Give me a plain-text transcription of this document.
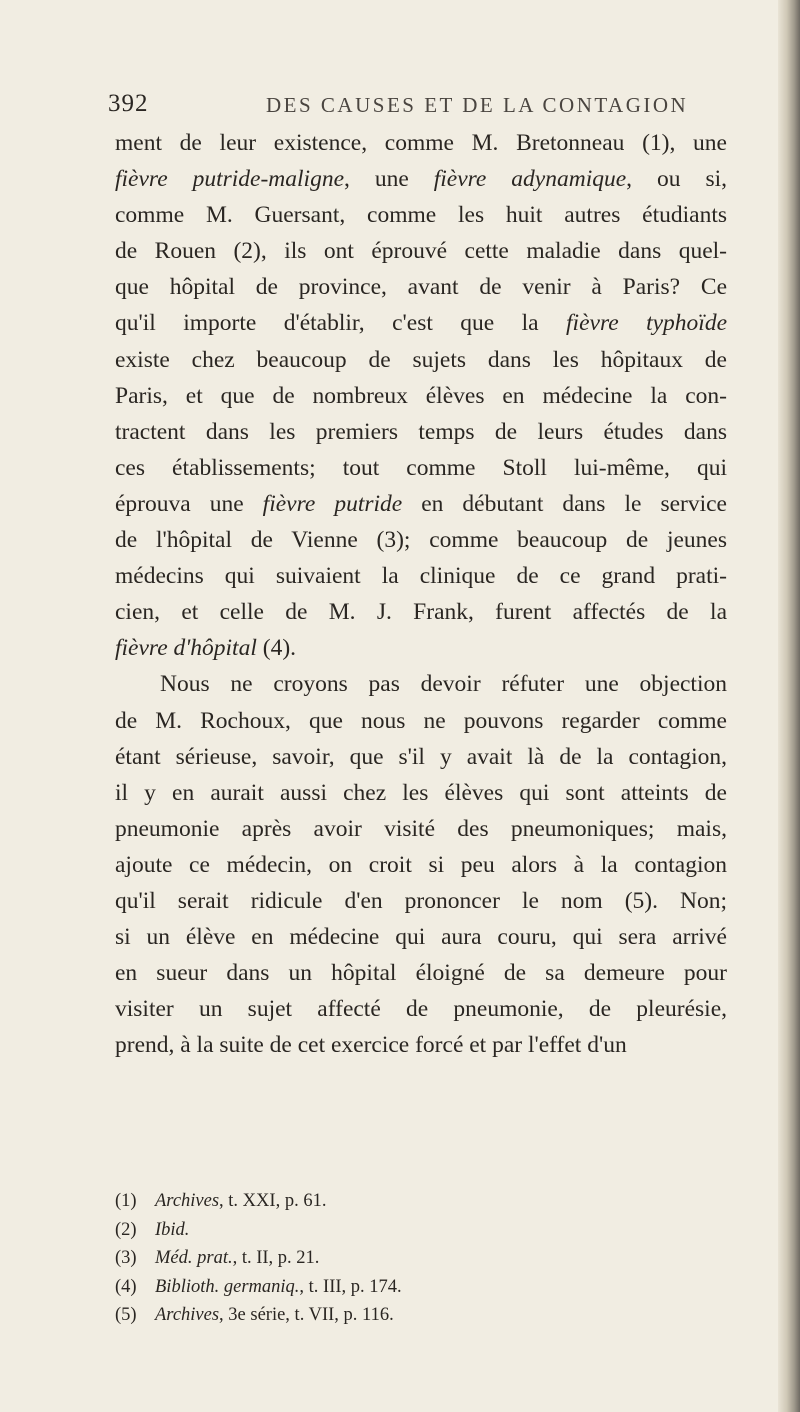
392	DES CAUSES ET DE LA CONTAGION
ment de leur existence, comme M. Bretonneau (1), une
fièvre putride-maligne, une fièvre adynamique, ou si,
comme M. Guersant, comme les huit autres étudiants
de Rouen (2), ils ont éprouvé cette maladie dans quel-
que hôpital de province, avant de venir à Paris? Ce
qu'il importe d'établir, c'est que la fièvre typhoïde
existe chez beaucoup de sujets dans les hôpitaux de
Paris, et que de nombreux élèves en médecine la con-
tractent dans les premiers temps de leurs études dans
ces établissements; tout comme Stoll lui-même, qui
éprouva une fièvre putride en débutant dans le service
de l'hôpital de Vienne (3); comme beaucoup de jeunes
médecins qui suivaient la clinique de ce grand prati-
cien, et celle de M. J. Frank, furent affectés de la
fièvre d'hôpital (4).
Nous ne croyons pas devoir réfuter une objection
de M. Rochoux, que nous ne pouvons regarder comme
étant sérieuse, savoir, que s'il y avait là de la contagion,
il y en aurait aussi chez les élèves qui sont atteints de
pneumonie après avoir visité des pneumoniques; mais,
ajoute ce médecin, on croit si peu alors à la contagion
qu'il serait ridicule d'en prononcer le nom (5). Non;
si un élève en médecine qui aura couru, qui sera arrivé
en sueur dans un hôpital éloigné de sa demeure pour
visiter un sujet affecté de pneumonie, de pleurésie,
prend, à la suite de cet exercice forcé et par l'effet d'un
(1) Archives, t. XXI, p. 61.
(2) Ibid.
(3) Méd. prat., t. II, p. 21.
(4) Biblioth. germaniq., t. III, p. 174.
(5) Archives, 3e série, t. VII, p. 116.
